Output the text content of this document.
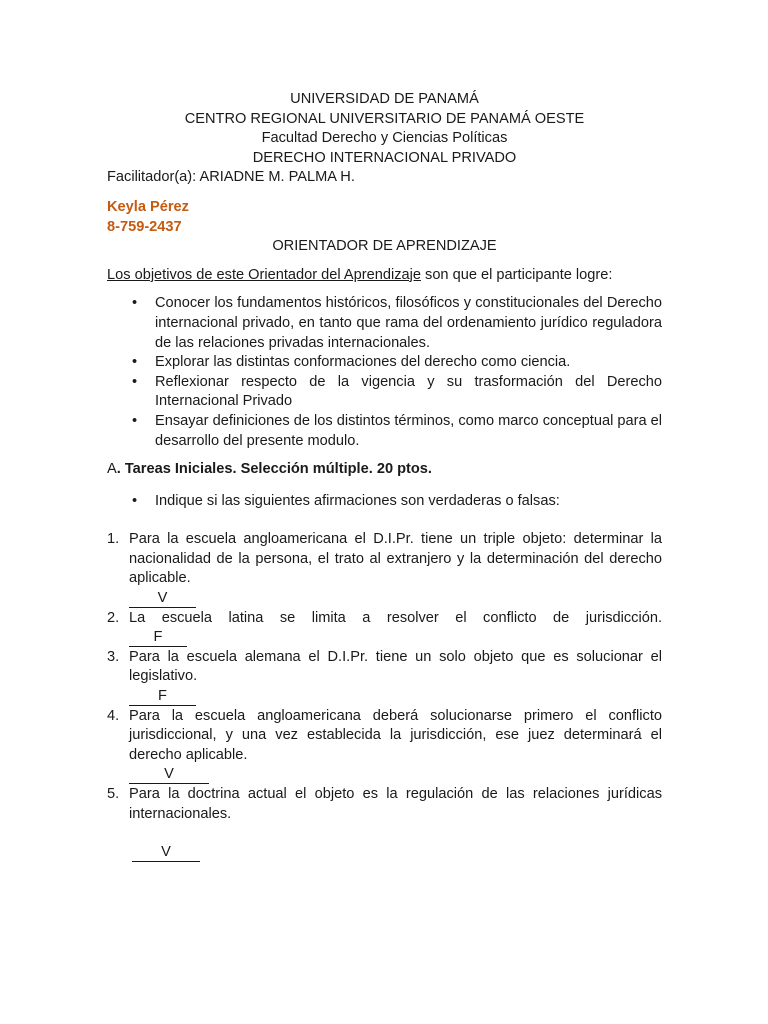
UNIVERSIDAD DE PANAMÁ

CENTRO REGIONAL UNIVERSITARIO DE PANAMÁ OESTE

Facultad Derecho y Ciencias Políticas

DERECHO INTERNACIONAL PRIVADO

Facilitador(a): ARIADNE M. PALMA H.

Keyla Pérez

8-759-2437

ORIENTADOR DE APRENDIZAJE

Los objetivos de este Orientador del Aprendizaje son que el participante logre:

• Conocer los fundamentos históricos, filosóficos y constitucionales del Derecho internacional privado, en tanto que rama del ordenamiento jurídico reguladora de las relaciones privadas internacionales.
• Explorar las distintas conformaciones del derecho como ciencia.
• Reflexionar respecto de la vigencia y su trasformación del Derecho Internacional Privado
• Ensayar definiciones de los distintos términos, como marco conceptual para el desarrollo del presente modulo.

A. Tareas Iniciales. Selección múltiple. 20 ptos.

• Indique si las siguientes afirmaciones son verdaderas o falsas:

1. Para la escuela angloamericana el D.I.Pr. tiene un triple objeto: determinar la nacionalidad de la persona, el trato al extranjero y la determinación del derecho aplicable.
V
2. La escuela latina se limita a resolver el conflicto de jurisdicción.
F
3. Para la escuela alemana el D.I.Pr. tiene un solo objeto que es solucionar el legislativo.
F
4. Para la escuela angloamericana deberá solucionarse primero el conflicto jurisdiccional, y una vez establecida la jurisdicción, ese juez determinará el derecho aplicable.
V
5. Para la doctrina actual el objeto es la regulación de las relaciones jurídicas internacionales.
V
